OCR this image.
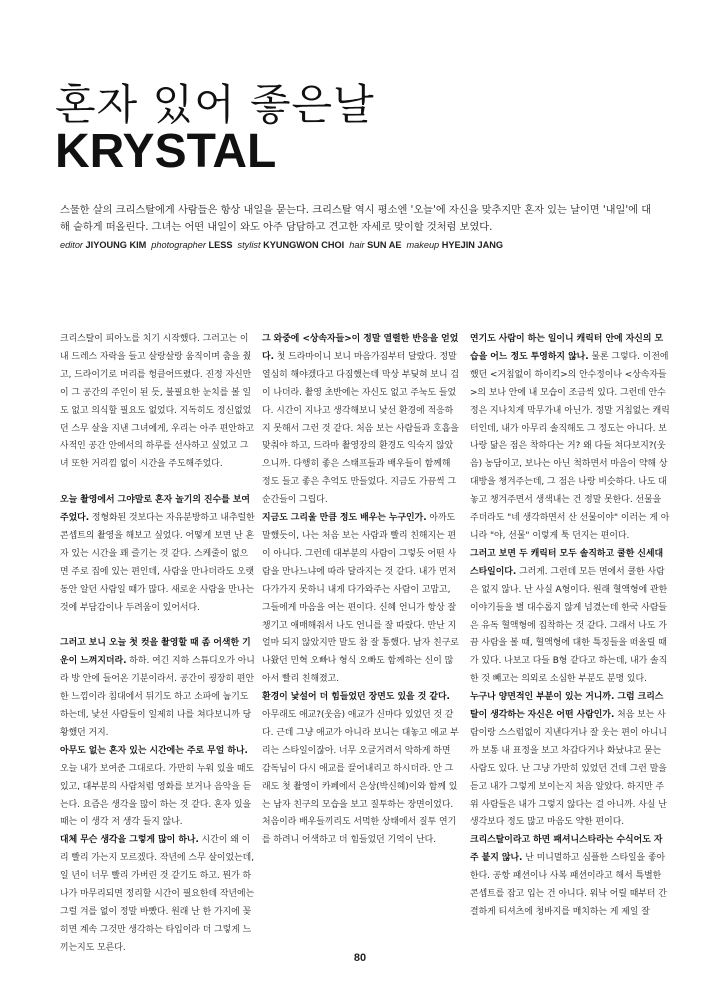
혼자 있어 좋은날
KRYSTAL

스물한 살의 크리스탈에게 사람들은 항상 내일을 묻는다. 크리스탈 역시 평소엔 '오늘'에 자신을 맞추지만 혼자 있는 날이면 '내일'에 대해 숱하게 떠올린다. 그녀는 어떤 내일이 와도 아주 담담하고 견고한 자세로 맞이할 것처럼 보였다.

editor JIYOUNG KIM photographer LESS stylist KYUNGWON CHOI hair SUN AE makeup HYEJIN JANG

크리스탈이 피아노를 치기 시작했다. 그러고는 이내 드레스 자락을 들고 살랑살랑 움직이며 춤을 췄고, 드라이기로 머리를 헝클어뜨렸다. 진정 자신만이 그 공간의 주인이 된 듯, 불필요한 눈치를 볼 일도 없고 의식할 필요도 없었다. 지독히도 정신없었던 스무 살을 지낸 그녀에게, 우리는 아주 편안하고 사적인 공간 안에서의 하루를 선사하고 싶었고 그녀 또한 거리낌 없이 시간을 주도해주었다.

오늘 촬영에서 그야말로 혼자 놀기의 진수를 보여주었다. 정형화된 것보다는 자유분방하고 내추럴한 콘셉트의 촬영을 해보고 싶었다. 어떻게 보면 난 혼자 있는 시간을 꽤 즐기는 것 같다. 스케줄이 없으면 주로 집에 있는 편인데, 사람을 만나더라도 오랫동안 알던 사람일 때가 많다. 새로운 사람을 만나는 것에 부담감이나 두려움이 있어서다.

그러고 보니 오늘 첫 컷을 촬영할 때 좀 어색한 기운이 느껴지더라. 하하. 여긴 지하 스튜디오가 아니라 방 안에 들어온 기분이라서. 공간이 굉장히 편안한 느낌이라 침대에서 뒤기도 하고 소파에 눕기도 하는데, 낯선 사람들이 일제히 나를 쳐다보니까 당황했던 거지.

아무도 없는 혼자 있는 시간에는 주로 무얼 하나. 오늘 내가 보여준 그대로다. 가만히 누워 있을 때도 있고, 대부분의 사람처럼 영화를 보거나 음악을 듣는다. 요즘은 생각을 많이 하는 것 같다. 혼자 있을 때는 이 생각 저 생각 들지 않나.

대체 무슨 생각을 그렇게 많이 하나. 시간이 왜 이리 빨리 가는지 모르겠다. 작년에 스무 살이었는데, 일 년이 너무 빨리 가버린 것 같기도 하고. 뭔가 하나가 마무리되면 정리할 시간이 필요한데 작년에는 그럴 겨를 없이 정말 바빴다. 원래 난 한 가지에 꽂히면 계속 그것만 생각하는 타입이라 더 그렇게 느끼는지도 모른다.

그 와중에 <상속자들>이 정말 열렬한 반응을 얻었다. 첫 드라마이니 보니 마음가짐부터 달랐다. 정말 열심히 해야겠다고 다짐했는데 막상 부딪혀 보니 겁이 나더라. 촬영 초반에는 자신도 없고 주눅도 들었다. 시간이 지나고 생각해보니 낯선 환경에 적응하지 못해서 그런 것 같다. 처음 보는 사람들과 호흡을 맞춰야 하고, 드라마 촬영장의 환경도 익숙지 않았으니까. 다행히 좋은 스태프들과 배우들이 함께해 정도 들고 좋은 추억도 만들었다. 지금도 가끔씩 그 순간들이 그립다.

지금도 그리울 만큼 정도 배우는 누구인가. 아까도 말했듯이, 나는 처음 보는 사람과 빨리 친해지는 편이 아니다. 그런데 대부분의 사람이 그렇듯 어떤 사람을 만나느냐에 따라 달라지는 것 같다. 내가 먼저 다가가지 못하니 내게 다가와주는 사람이 고맙고, 그들에게 마음을 여는 편이다. 신혜 언니가 항상 잘 챙기고 애매해줘서 나도 언니를 잘 따랐다. 만난 지 얼마 되지 않았지만 말도 참 잘 통했다. 남자 친구로 나왔던 민혁 오빠나 형식 오빠도 함께하는 신이 많아서 빨리 친해졌고.

환경이 낯설어 더 힘들었던 장면도 있을 것 같다. 아무래도 애교?(웃음) 애교가 신마다 있었던 것 같다. 근데 그냥 애교가 아니라 보니는 대놓고 애교 부리는 스타일이잖아. 너무 오글거려서 악하게 하면 감독님이 다시 애교를 끌어내리고 하시더라. 안 그래도 첫 촬영이 카페에서 은상(박신혜)이와 함께 있는 남자 친구의 모습을 보고 질투하는 장면이었다. 처음이라 배우들끼리도 서먹한 상태에서 질투 연기를 하려니 어색하고 더 힘들었던 기억이 난다.

연기도 사람이 하는 일이니 캐릭터 안에 자신의 모습을 어느 정도 투영하지 않나. 물론 그렇다. 이전에 했던 <거침없이 하이킥>의 안수정이나 <상속자들>의 보나 안에 내 모습이 조금씩 있다. 그런데 안수정은 지나치게 막무가내 아닌가. 정말 거침없는 캐릭터인데, 내가 아무리 솔직해도 그 정도는 아니다. 보나랑 닮은 점은 착하다는 거? 왜 다들 쳐다보지?(웃음) 농담이고, 보나는 아닌 척하면서 마음이 약해 상대방을 챙겨주는데, 그 점은 나랑 비슷하다. 나도 대놓고 챙겨주면서 생색내는 건 정말 못한다. 선물을 주더라도 "네 생각하면서 산 선물이야" 이러는 게 아니라 "야, 선물" 이렇게 툭 던지는 편이다.

그러고 보면 두 캐릭터 모두 솔직하고 쿨한 신세대 스타일이다. 그러게. 그런데 모든 면에서 쿨한 사람은 없지 않나. 난 사실 A형이다. 원래 혈액형에 관한 이야기들을 별 대수롭지 않게 넘겼는데 한국 사람들은 유독 혈액형에 집착하는 것 같다. 그래서 나도 가끔 사람을 볼 때, 혈액형에 대한 특징들을 떠올릴 때가 있다. 나보고 다들 B형 같다고 하는데, 내가 솔직한 것 빼고는 의외로 소심한 부분도 분명 있다.

누구나 양면적인 부분이 있는 거니까. 그럼 크리스탈이 생각하는 자신은 어떤 사람인가. 처음 보는 사람이랑 스스럼없이 지낸다거나 잘 웃는 편이 아니니까 보통 내 표정을 보고 차갑다거나 화났냐고 묻는 사람도 있다. 난 그냥 가만히 있었던 건데 그런 말을 듣고 내가 그렇게 보이는지 처음 알았다. 하지만 주위 사람들은 내가 그렇지 않다는 걸 아니까. 사실 난 생각보다 정도 많고 마음도 약한 편이다.

크리스탈이라고 하면 패셔니스타라는 수식어도 자주 붙지 않나. 난 미니멀하고 심플한 스타일을 좋아한다. 공항 패션이나 사복 패션이라고 해서 특별한 콘셉트를 잡고 입는 건 아니다. 워낙 어릴 때부터 간결하게 티셔츠에 청바지를 매치하는 게 제일 잘

80
